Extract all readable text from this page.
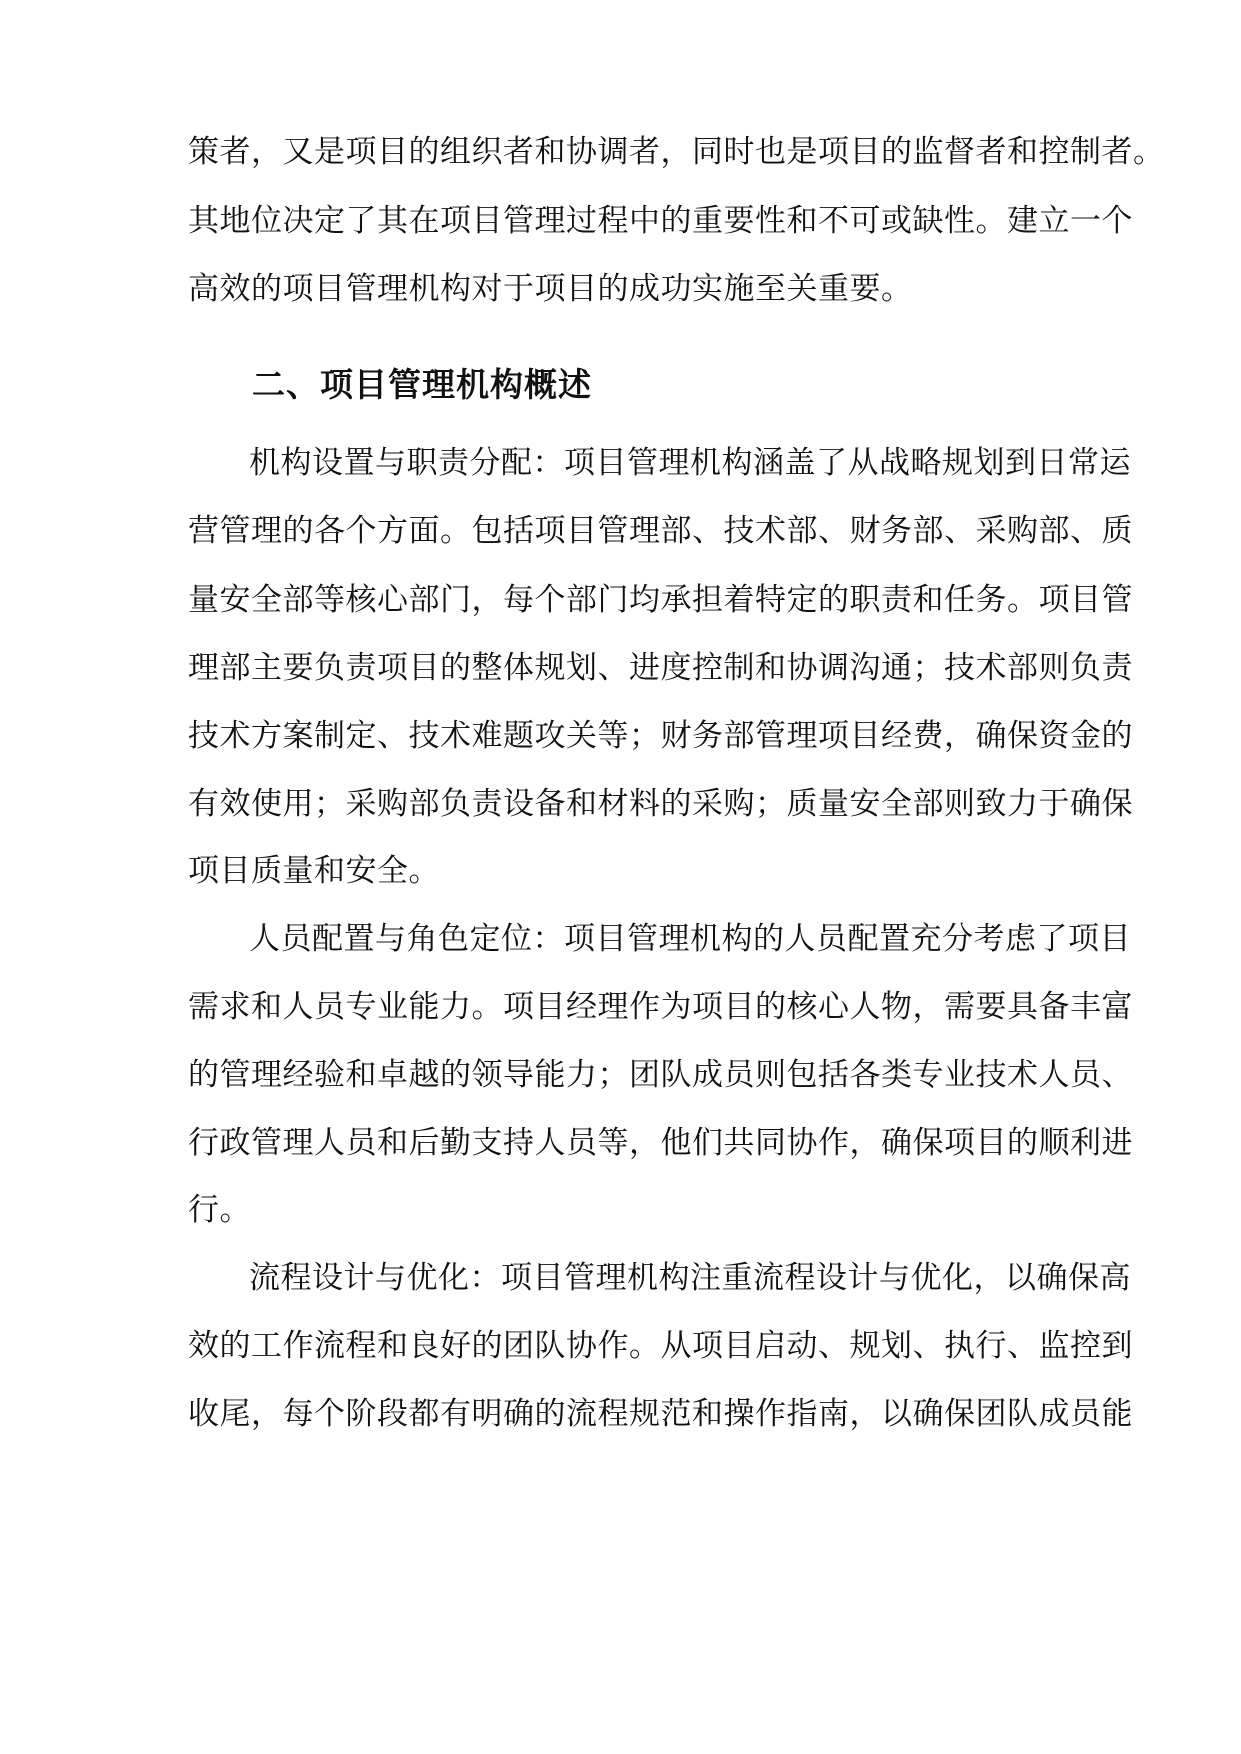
策者，又是项目的组织者和协调者，同时也是项目的监督者和控制者。
其地位决定了其在项目管理过程中的重要性和不可或缺性。建立一个
高效的项目管理机构对于项目的成功实施至关重要。
二、项目管理机构概述
机构设置与职责分配：项目管理机构涵盖了从战略规划到日常运
营管理的各个方面。包括项目管理部、技术部、财务部、采购部、质
量安全部等核心部门，每个部门均承担着特定的职责和任务。项目管
理部主要负责项目的整体规划、进度控制和协调沟通；技术部则负责
技术方案制定、技术难题攻关等；财务部管理项目经费，确保资金的
有效使用；采购部负责设备和材料的采购；质量安全部则致力于确保
项目质量和安全。
人员配置与角色定位：项目管理机构的人员配置充分考虑了项目
需求和人员专业能力。项目经理作为项目的核心人物，需要具备丰富
的管理经验和卓越的领导能力；团队成员则包括各类专业技术人员、
行政管理人员和后勤支持人员等，他们共同协作，确保项目的顺利进
行。
流程设计与优化：项目管理机构注重流程设计与优化，以确保高
效的工作流程和良好的团队协作。从项目启动、规划、执行、监控到
收尾，每个阶段都有明确的流程规范和操作指南，以确保团队成员能
